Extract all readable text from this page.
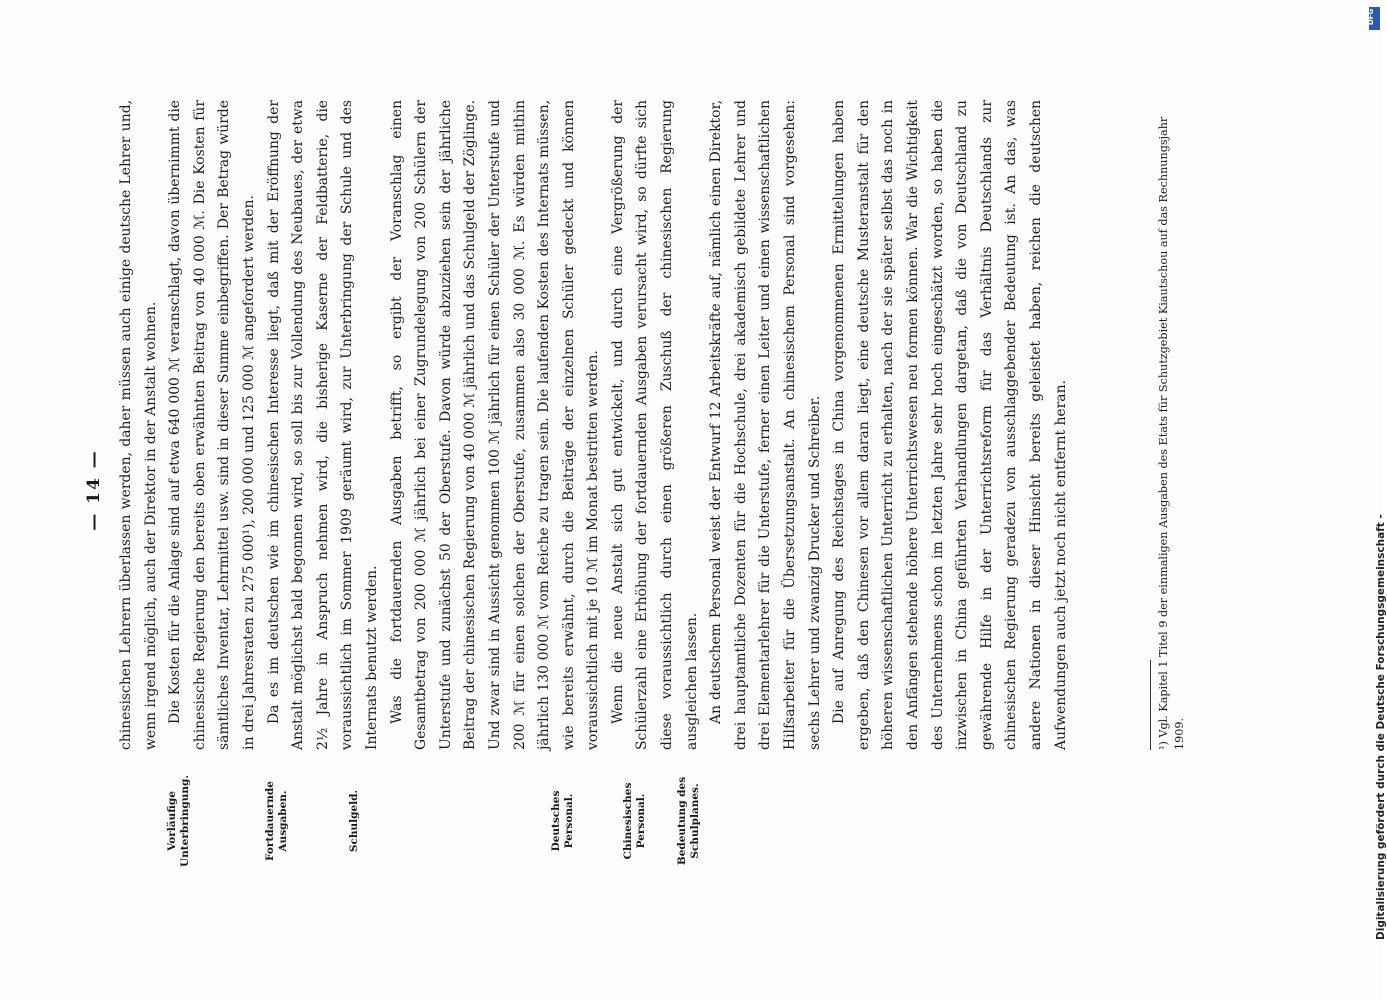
— 14 —
Vorläufige Unterbringung.	Fortdauernde Ausgaben.	Schulgeld.	Deutsches Personal.	Chinesisches Personal.	Bedeutung des Schulplanes.

chinesischen Lehrern überlassen werden, daher müssen auch einige deutsche Lehrer und, wenn irgend möglich, auch der Direktor in der Anstalt wohnen. Die Kosten für die Anlage sind auf etwa 640 000 ℳ veranschlagt, davon übernimmt die chinesische Regierung den bereits oben erwähnten Beitrag von 40 000 ℳ. Die Kosten für sämtliches Inventar, Lehrmittel usw. sind in dieser Summe einbegriffen. Der Betrag würde in drei Jahresraten zu 275 000¹), 200 000 und 125 000 ℳ angefordert werden. Da es im deutschen wie im chinesischen Interesse liegt, daß mit der Eröffnung der Anstalt möglichst bald begonnen wird, so soll bis zur Vollendung des Neubaues, der etwa 2½ Jahre in Anspruch nehmen wird, die bisherige Kaserne der Feldbatterie, die voraussichtlich im Sommer 1909 geräumt wird, zur Unterbringung der Schule und des Internats benutzt werden. Was die fortdauernden Ausgaben betrifft, so ergibt der Voranschlag einen Gesamtbetrag von 200 000 ℳ jährlich bei einer Zugrundelegung von 200 Schülern der Unterstufe und zunächst 50 der Oberstufe. Davon würde abzuziehen sein der jährliche Beitrag der chinesischen Regierung von 40 000 ℳ jährlich und das Schulgeld der Zöglinge. Und zwar sind in Aussicht genommen 100 ℳ jährlich für einen Schüler der Unterstufe und 200 ℳ für einen solchen der Oberstufe, zusammen also 30 000 ℳ. Es würden mithin jährlich 130 000 ℳ vom Reiche zu tragen sein. Die laufenden Kosten des Internats müssen, wie bereits erwähnt, durch die Beiträge der einzelnen Schüler gedeckt und können voraussichtlich mit je 10 ℳ im Monat bestritten werden. Wenn die neue Anstalt sich gut entwickelt, und durch eine Vergrößerung der Schülerzahl eine Erhöhung der fortdauernden Ausgaben verursacht wird, so dürfte sich diese voraussichtlich durch einen größeren Zuschuß der chinesischen Regierung ausgleichen lassen. An deutschem Personal weist der Entwurf 12 Arbeitskräfte auf, nämlich einen Direktor, drei hauptamtliche Dozenten für die Hochschule, drei akademisch gebildete Lehrer und drei Elementarlehrer für die Unterstufe, ferner einen Leiter und einen wissenschaftlichen Hilfsarbeiter für die Übersetzungsanstalt. An chinesischem Personal sind vorgesehen: sechs Lehrer und zwanzig Drucker und Schreiber. Die auf Anregung des Reichstages in China vorgenommenen Ermittelungen haben ergeben, daß den Chinesen vor allem daran liegt, eine deutsche Musteranstalt für den höheren wissenschaftlichen Unterricht zu erhalten, nach der sie später selbst das noch in den Anfängen stehende höhere Unterrichtswesen neu formen können. War die Wichtigkeit des Unternehmens schon im letzten Jahre sehr hoch eingeschätzt worden, so haben die inzwischen in China geführten Verhandlungen dargetan, daß die von Deutschland zu gewährende Hilfe in der Unterrichtsreform für das Verhältnis Deutschlands zur chinesischen Regierung geradezu von ausschlaggebender Bedeutung ist. An das, was andere Nationen in dieser Hinsicht bereits geleistet haben, reichen die deutschen Aufwendungen auch jetzt noch nicht entfernt heran.	¹) Vgl. Kapitel 1 Titel 9 der einmaligen Ausgaben des Etats für Schutzgebiet Kiautschou auf das Rechnungsjahr 1909.	Digitalisierung gefördert durch die Deutsche Forschungsgemeinschaft -
DFG
